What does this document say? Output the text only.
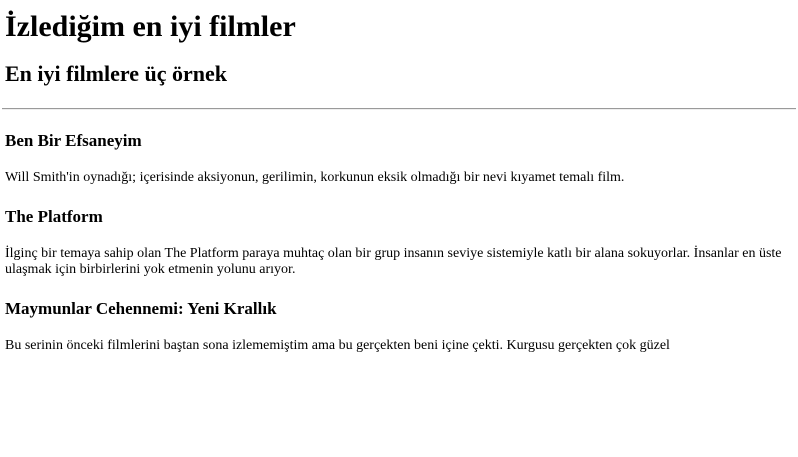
İzlediğim en iyi filmler
En iyi filmlere üç örnek
Ben Bir Efsaneyim

Will Smith'in oynadığı; içerisinde aksiyonun, gerilimin, korkunun eksik olmadığı bir nevi kıyamet temalı film.

The Platform

İlginç bir temaya sahip olan The Platform paraya muhtaç olan bir grup insanın seviye sistemiyle katlı bir alana sokuyorlar. İnsanlar en üste ulaşmak için birbirlerini yok etmenin yolunu arıyor.

Maymunlar Cehennemi: Yeni Krallık

Bu serinin önceki filmlerini baştan sona izlememiştim ama bu gerçekten beni içine çekti. Kurgusu gerçekten çok güzel
